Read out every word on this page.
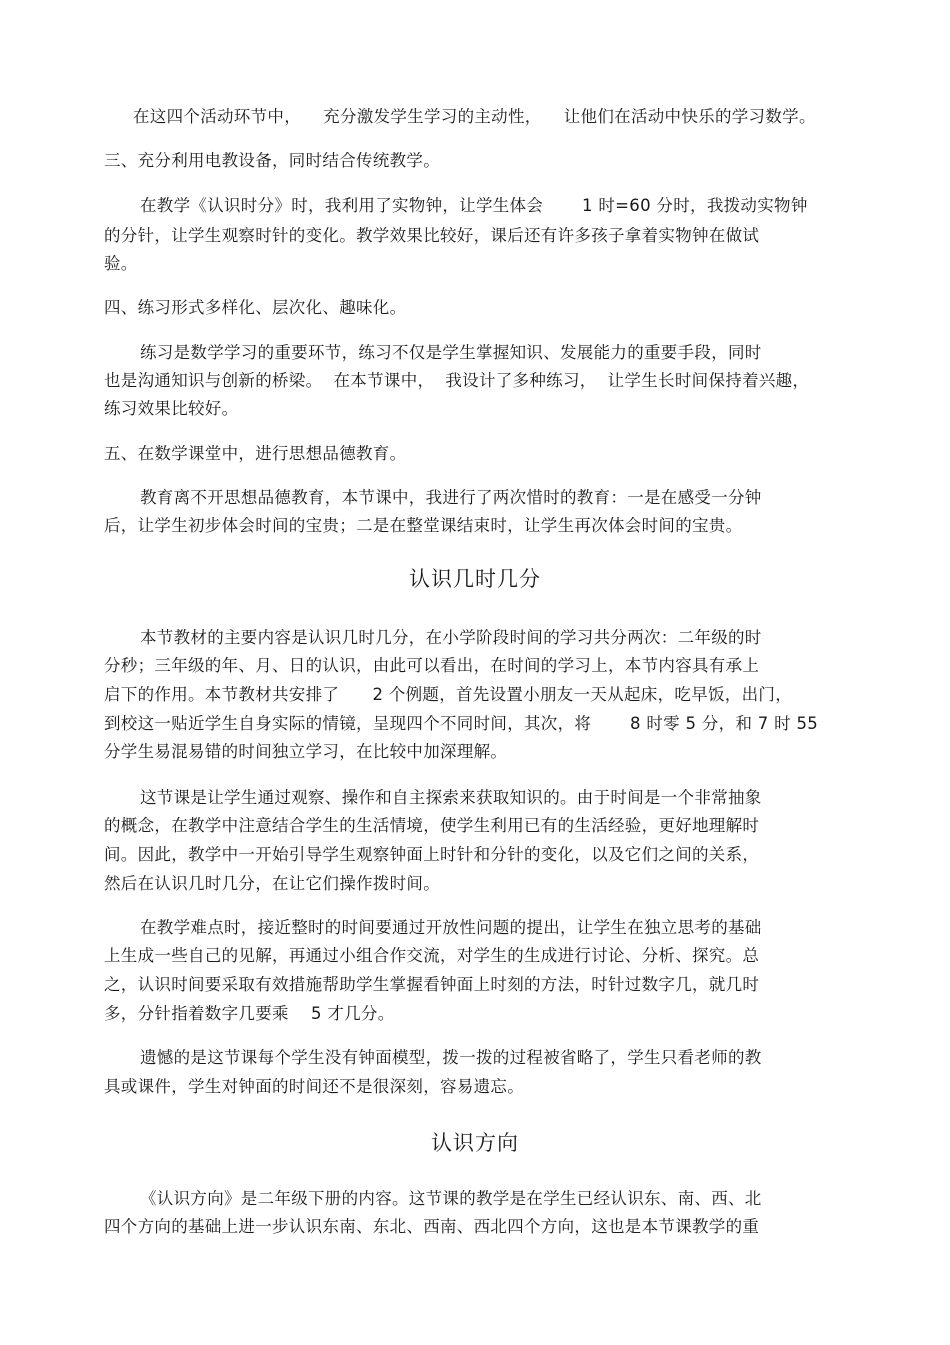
在这四个活动环节中，    充分激发学生学习的主动性，    让他们在活动中快乐的学习数学。
三、充分利用电教设备，同时结合传统教学。
在教学《认识时分》时，我利用了实物钟，让学生体会       1 时=60 分时，我拨动实物钟
的分针，让学生观察时针的变化。教学效果比较好，课后还有许多孩子拿着实物钟在做试
验。
四、练习形式多样化、层次化、趣味化。
练习是数学学习的重要环节，练习不仅是学生掌握知识、发展能力的重要手段，同时
也是沟通知识与创新的桥梁。  在本节课中，  我设计了多种练习，  让学生长时间保持着兴趣，
练习效果比较好。
五、在数学课堂中，进行思想品德教育。
教育离不开思想品德教育，本节课中，我进行了两次惜时的教育：一是在感受一分钟
后，让学生初步体会时间的宝贵；二是在整堂课结束时，让学生再次体会时间的宝贵。
认识几时几分
本节教材的主要内容是认识几时几分，在小学阶段时间的学习共分两次：二年级的时
分秒；三年级的年、月、日的认识，由此可以看出，在时间的学习上，本节内容具有承上
启下的作用。本节教材共安排了      2 个例题，首先设置小朋友一天从起床，吃早饭，出门，
到校这一贴近学生自身实际的情镜，呈现四个不同时间，其次，将       8 时零 5 分，和 7 时 55
分学生易混易错的时间独立学习，在比较中加深理解。
这节课是让学生通过观察、操作和自主探索来获取知识的。由于时间是一个非常抽象
的概念，在教学中注意结合学生的生活情境，使学生利用已有的生活经验，更好地理解时
间。因此，教学中一开始引导学生观察钟面上时针和分针的变化，以及它们之间的关系，
然后在认识几时几分，在让它们操作拨时间。
在教学难点时，接近整时的时间要通过开放性问题的提出，让学生在独立思考的基础
上生成一些自己的见解，再通过小组合作交流，对学生的生成进行讨论、分析、探究。总
之，认识时间要采取有效措施帮助学生掌握看钟面上时刻的方法，时针过数字几，就几时
多，分针指着数字几要乘    5 才几分。
遗憾的是这节课每个学生没有钟面模型，拨一拨的过程被省略了，学生只看老师的教
具或课件，学生对钟面的时间还不是很深刻，容易遗忘。
认识方向
《认识方向》是二年级下册的内容。这节课的教学是在学生已经认识东、南、西、北
四个方向的基础上进一步认识东南、东北、西南、西北四个方向，这也是本节课教学的重
